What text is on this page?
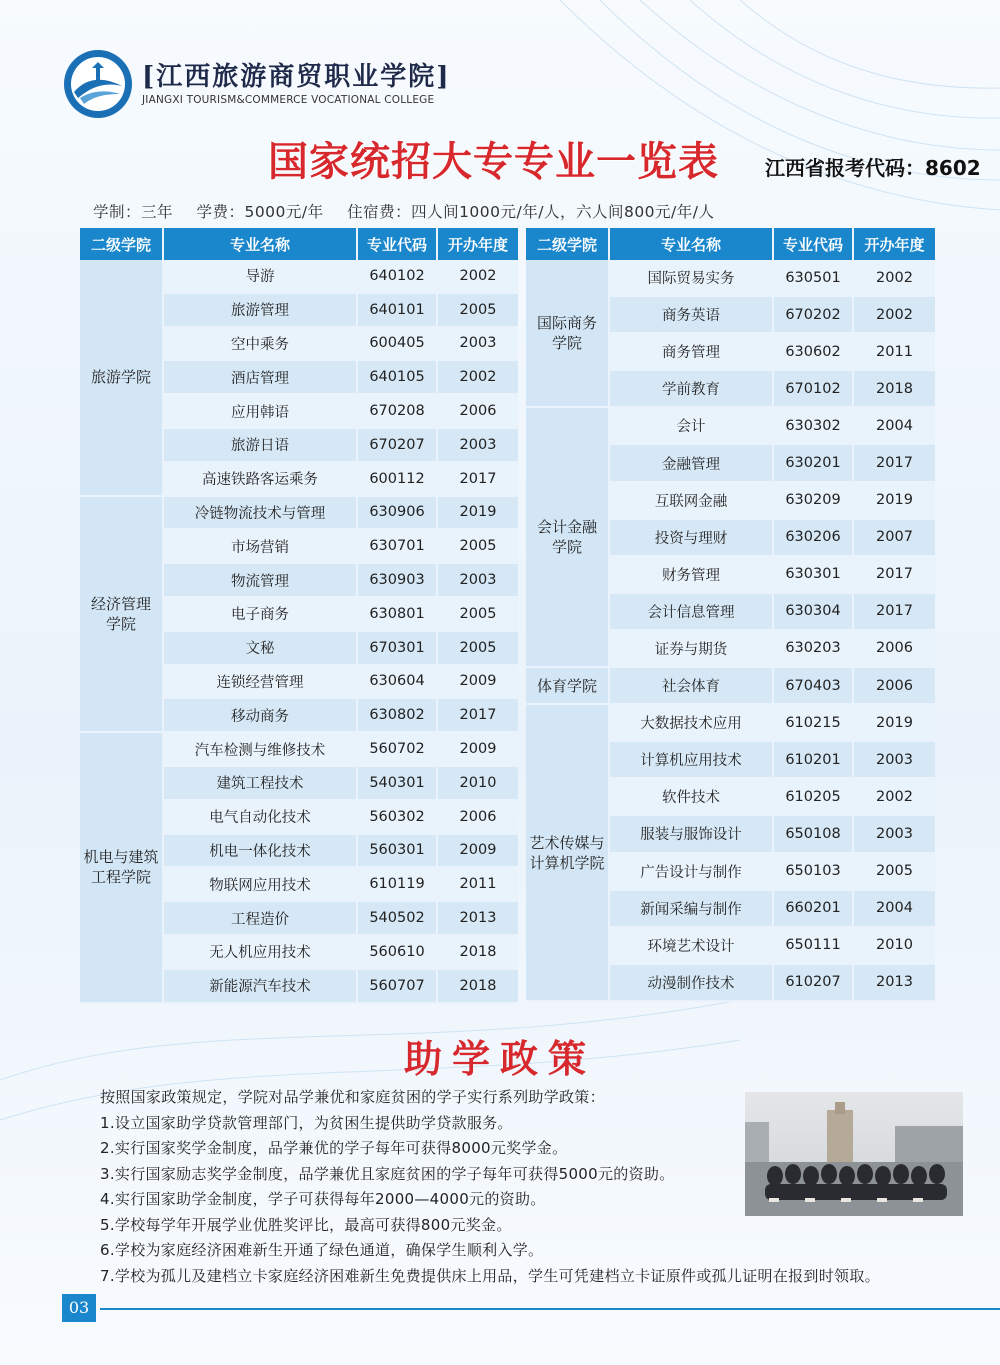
[江西旅游商贸职业学院]
JIANGXI TOURISM&COMMERCE VOCATIONAL COLLEGE
国家统招大专专业一览表 江西省报考代码：8602
学制：三年 学费：5000元/年 住宿费：四人间1000元/年/人，六人间800元/年/人
二级学院	专业名称	专业代码	开办年度
旅游学院	导游	640102	2002
	旅游管理	640101	2005
	空中乘务	600405	2003
	酒店管理	640105	2002
	应用韩语	670208	2006
	旅游日语	670207	2003
	高速铁路客运乘务	600112	2017
经济管理
学院	冷链物流技术与管理	630906	2019
	市场营销	630701	2005
	物流管理	630903	2003
	电子商务	630801	2005
	文秘	670301	2005
	连锁经营管理	630604	2009
	移动商务	630802	2017
机电与建筑
工程学院	汽车检测与维修技术	560702	2009
	建筑工程技术	540301	2010
	电气自动化技术	560302	2006
	机电一体化技术	560301	2009
	物联网应用技术	610119	2011
	工程造价	540502	2013
	无人机应用技术	560610	2018
	新能源汽车技术	560707	2018
二级学院	专业名称	专业代码	开办年度
国际商务
学院	国际贸易实务	630501	2002
	商务英语	670202	2002
	商务管理	630602	2011
	学前教育	670102	2018
会计金融
学院	会计	630302	2004
	金融管理	630201	2017
	互联网金融	630209	2019
	投资与理财	630206	2007
	财务管理	630301	2017
	会计信息管理	630304	2017
	证券与期货	630203	2006
体育学院	社会体育	670403	2006
艺术传媒与
计算机学院	大数据技术应用	610215	2019
	计算机应用技术	610201	2003
	软件技术	610205	2002
	服装与服饰设计	650108	2003
	广告设计与制作	650103	2005
	新闻采编与制作	660201	2004
	环境艺术设计	650111	2010
	动漫制作技术	610207	2013
助学政策
按照国家政策规定，学院对品学兼优和家庭贫困的学子实行系列助学政策：
1.设立国家助学贷款管理部门，为贫困生提供助学贷款服务。
2.实行国家奖学金制度，品学兼优的学子每年可获得8000元奖学金。
3.实行国家励志奖学金制度，品学兼优且家庭贫困的学子每年可获得5000元的资助。
4.实行国家助学金制度，学子可获得每年2000—4000元的资助。
5.学校每学年开展学业优胜奖评比，最高可获得800元奖金。
6.学校为家庭经济困难新生开通了绿色通道，确保学生顺利入学。
7.学校为孤儿及建档立卡家庭经济困难新生免费提供床上用品，学生可凭建档立卡证原件或孤儿证明在报到时领取。
03
